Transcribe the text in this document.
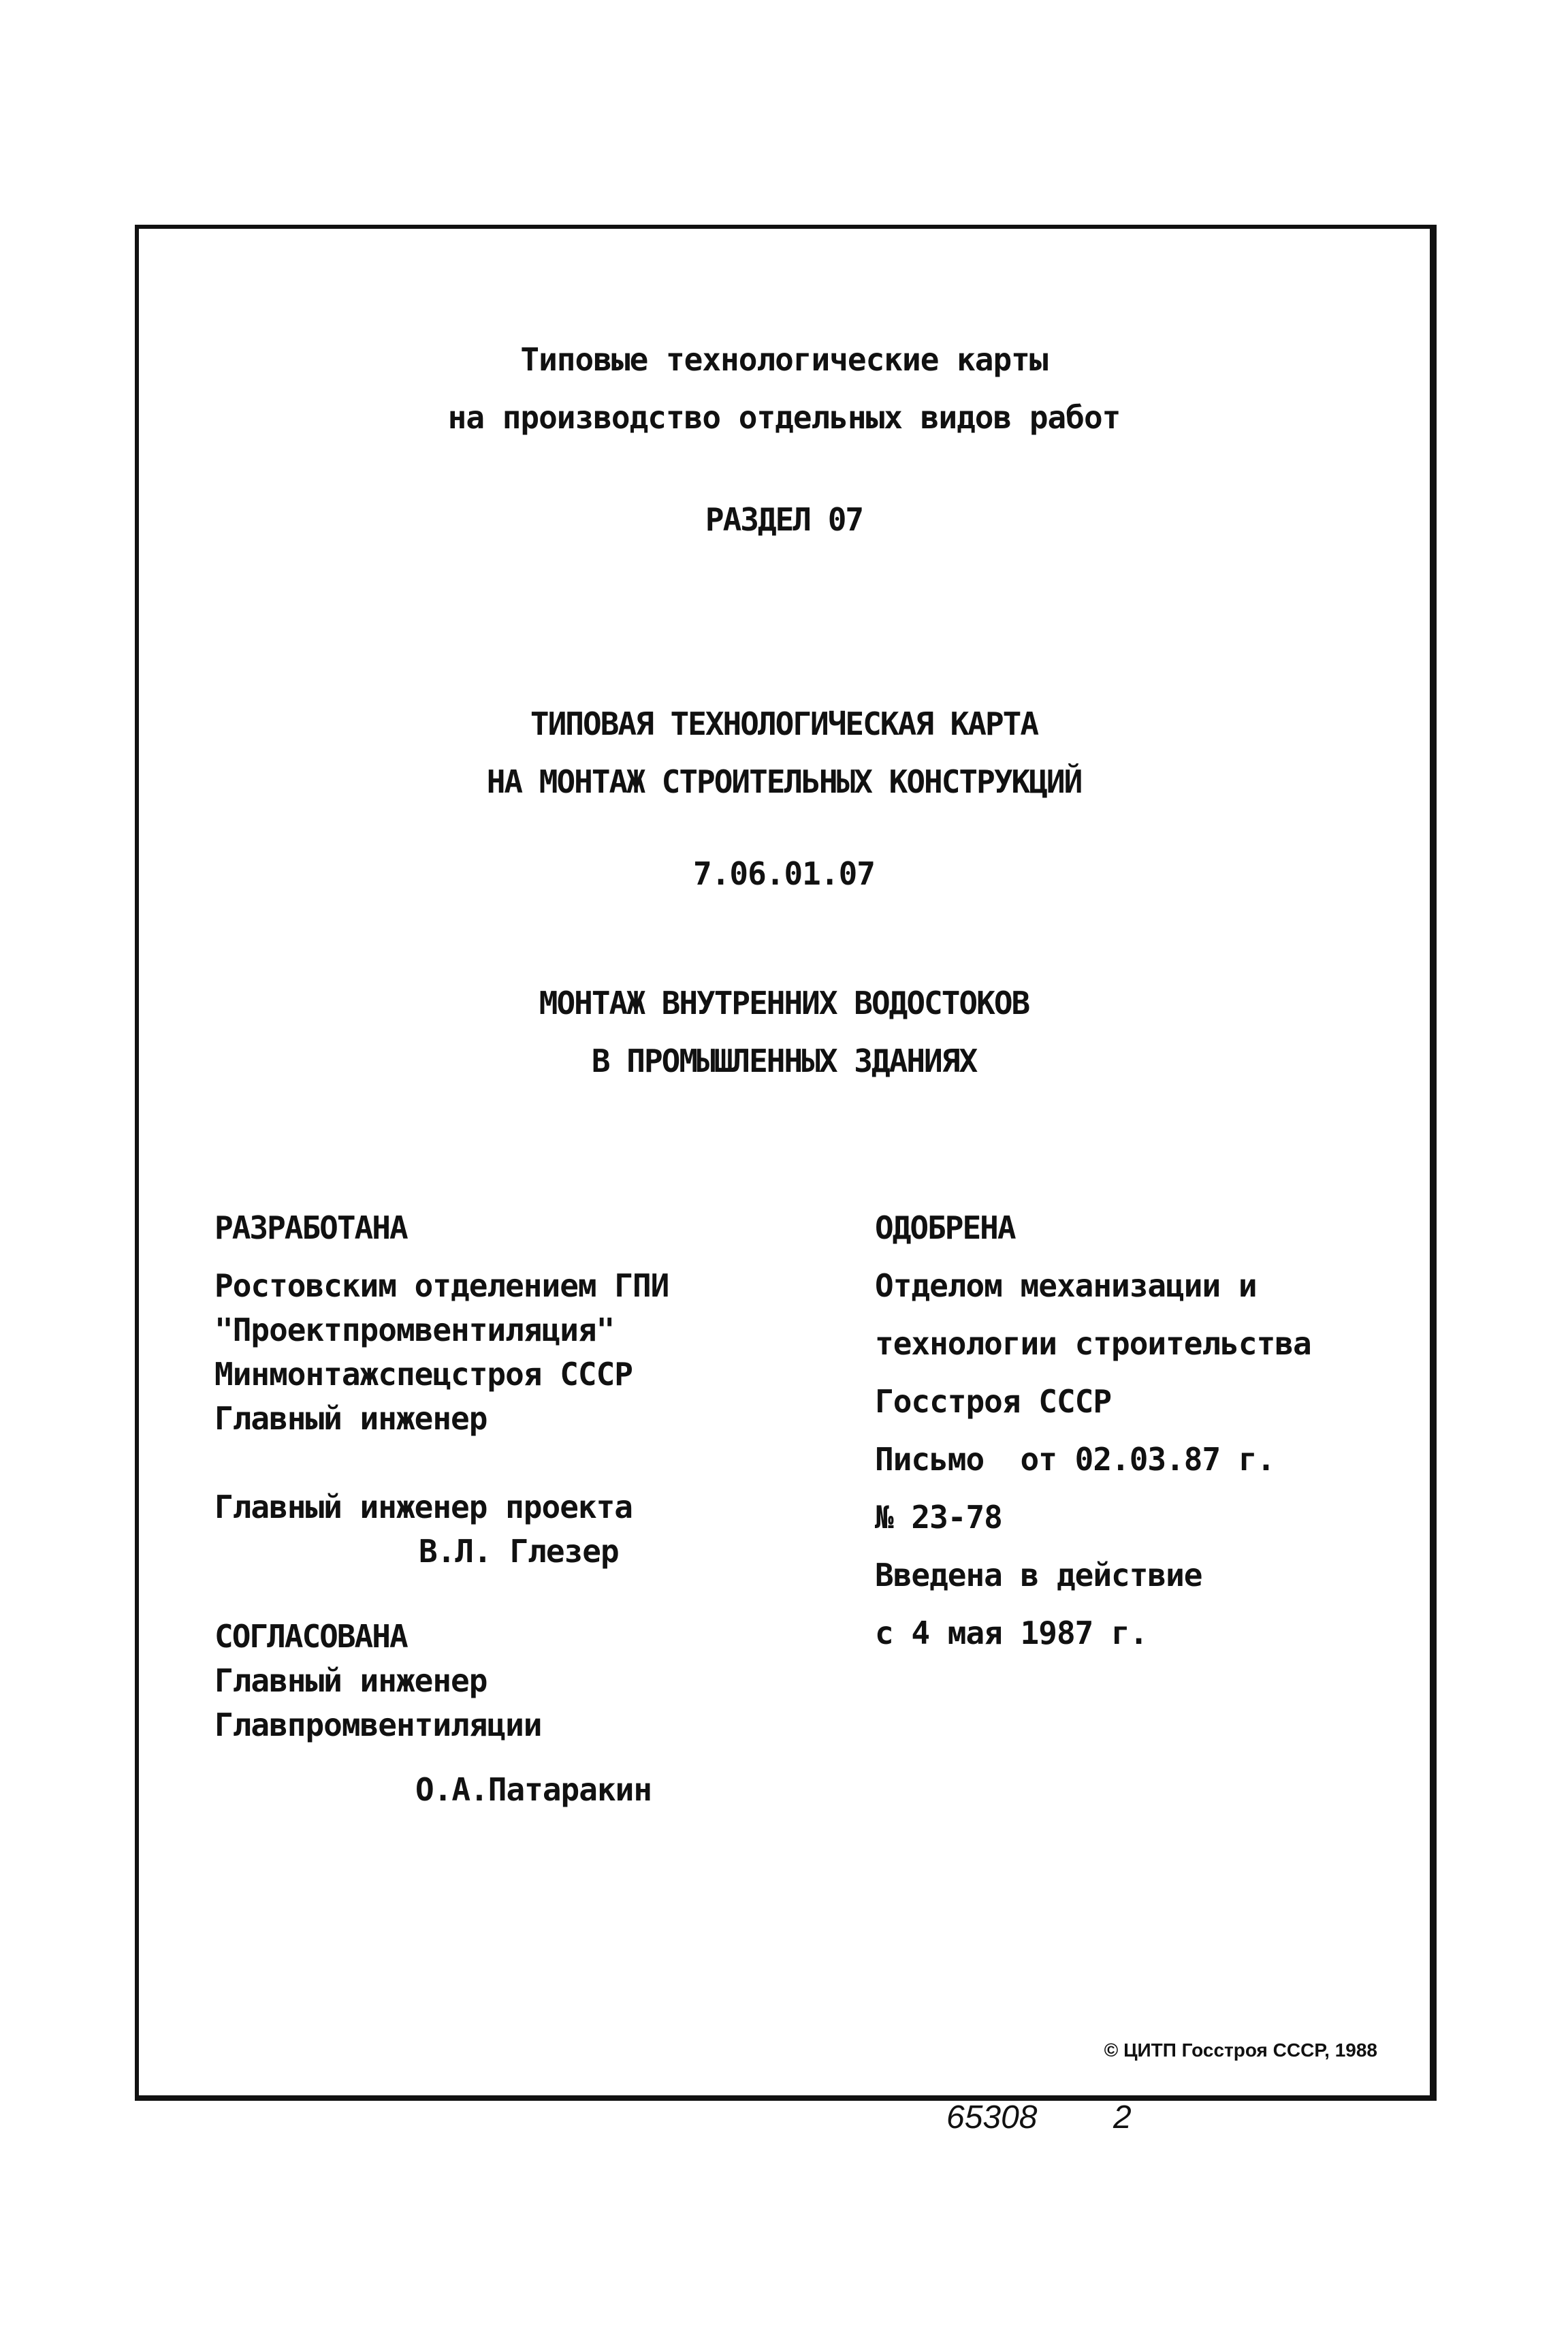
Типовые технологические карты
на производство отдельных видов работ
РАЗДЕЛ 07
ТИПОВАЯ ТЕХНОЛОГИЧЕСКАЯ КАРТА
НА МОНТАЖ СТРОИТЕЛЬНЫХ КОНСТРУКЦИЙ
7.06.01.07
МОНТАЖ ВНУТРЕННИХ ВОДОСТОКОВ
В ПРОМЫШЛЕННЫХ ЗДАНИЯХ
РАЗРАБОТАНА
Ростовским отделением ГПИ
"Проектпромвентиляция"
Минмонтажспецстроя СССР
Главный инженер
Главный инженер проекта
В.Л. Глезер
СОГЛАСОВАНА
Главный инженер
Главпромвентиляции
О.А.Патаракин
ОДОБРЕНА
Отделом механизации и
технологии строительства
Госстроя СССР
Письмо  от 02.03.87 г.
№ 23-78
Введена в действие
с 4 мая 1987 г.
© ЦИТП Госстроя СССР, 1988
65308 2
